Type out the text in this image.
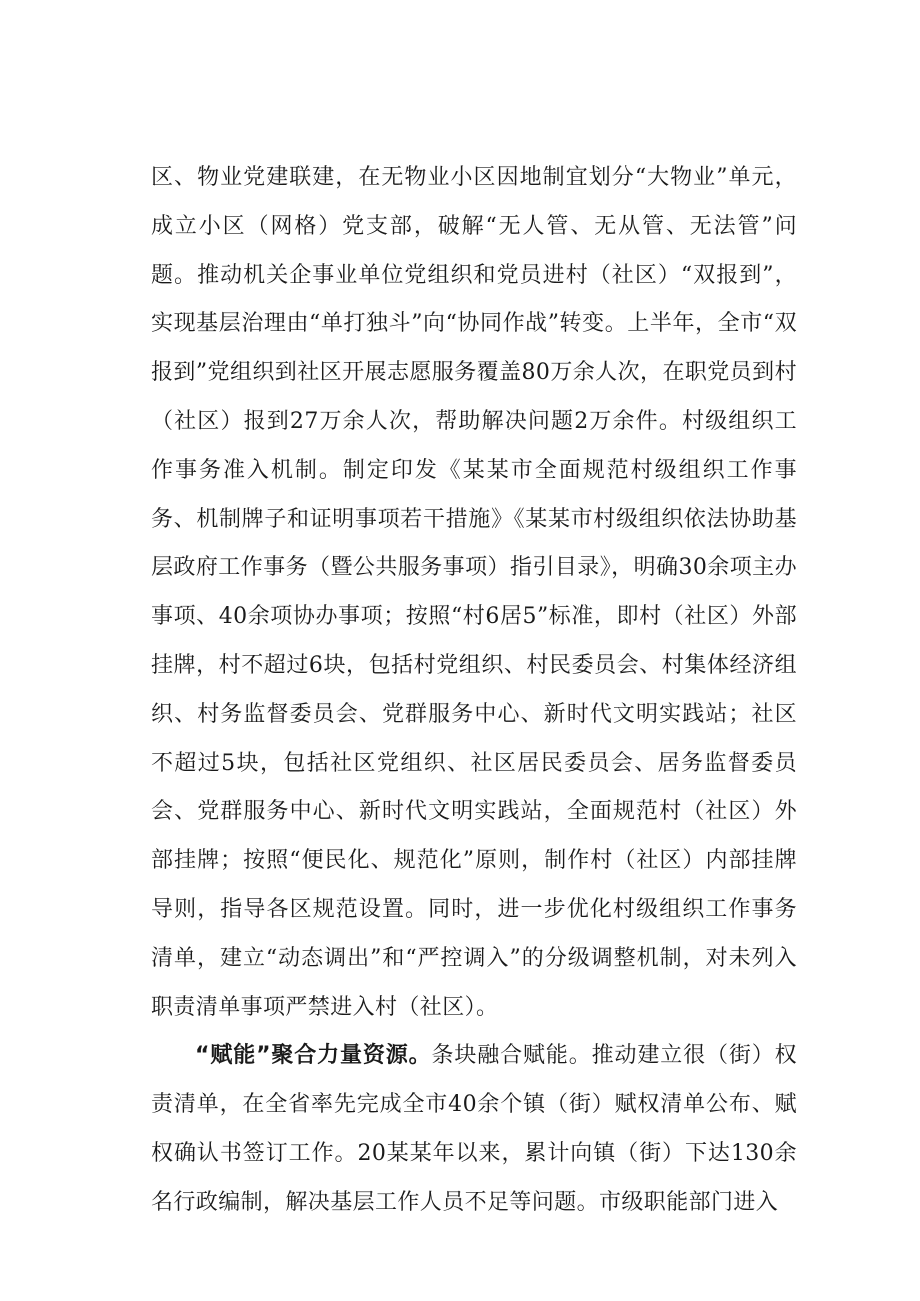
区、物业党建联建，在无物业小区因地制宜划分“大物业”单元，成立小区（网格）党支部，破解“无人管、无从管、无法管”问题。推动机关企事业单位党组织和党员进村（社区）“双报到”，实现基层治理由“单打独斗”向“协同作战”转变。上半年，全市“双报到”党组织到社区开展志愿服务覆盖80万余人次，在职党员到村（社区）报到27万余人次，帮助解决问题2万余件。村级组织工作事务准入机制。制定印发《某某市全面规范村级组织工作事务、机制牌子和证明事项若干措施》《某某市村级组织依法协助基层政府工作事务（暨公共服务事项）指引目录》，明确30余项主办事项、40余项协办事项；按照“村6居5”标准，即村（社区）外部挂牌，村不超过6块，包括村党组织、村民委员会、村集体经济组织、村务监督委员会、党群服务中心、新时代文明实践站；社区不超过5块，包括社区党组织、社区居民委员会、居务监督委员会、党群服务中心、新时代文明实践站，全面规范村（社区）外部挂牌；按照“便民化、规范化”原则，制作村（社区）内部挂牌导则，指导各区规范设置。同时，进一步优化村级组织工作事务清单，建立“动态调出”和“严控调入”的分级调整机制，对未列入职责清单事项严禁进入村（社区）。

“赋能”聚合力量资源。条块融合赋能。推动建立很（街）权责清单，在全省率先完成全市40余个镇（街）赋权清单公布、赋权确认书签订工作。20某某年以来，累计向镇（街）下达130余名行政编制，解决基层工作人员不足等问题。市级职能部门进入
